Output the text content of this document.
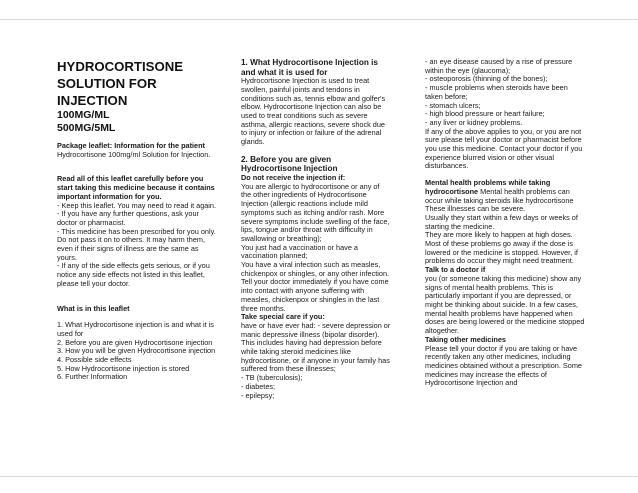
HYDROCORTISONE

SOLUTION FOR

INJECTION

100MG/ML

500MG/5ML

Package leaflet: Information for the patient

Hydrocortisone 100mg/ml Solution for Injection.

Read all of this leaflet carefully before you start taking this medicine because it contains important information for you.

- Keep this leaflet. You may need to read it again.

- If you have any further questions, ask your doctor or pharmacist.

- This medicine has been prescribed for you only. Do not pass it on to others. It may harm them, even if their signs of illness are the same as yours.

- If any of the side effects gets serious, or if you notice any side effects not listed in this leaflet, please tell your doctor.

What is in this leaflet

1. What Hydrocortisone injection is and what it is used for

2. Before you are given Hydrocortisone injection

3. How you will be given Hydrocortisone injection

4. Possible side effects

5. How Hydrocortisone injection is stored

6. Further Information

1. What Hydrocortisone Injection is and what it is used for

Hydrocortisone Injection is used to treat swollen, painful joints and tendons in conditions such as, tennis elbow and golfer's elbow. Hydrocortisone Injection can also be used to treat conditions such as severe asthma, allergic reactions, severe shock due to injury or infection or failure of the adrenal glands.

2. Before you are given Hydrocortisone Injection

Do not receive the injection if:

You are allergic to hydrocortisone or any of the other ingredients of Hydrocortisone Injection (allergic reactions include mild symptoms such as itching and/or rash. More severe symptoms include swelling of the face, lips, tongue and/or throat with difficulty in swallowing or breathing);

You just had a vaccination or have a vaccination planned;

You have a viral infection such as measles, chickenpox or shingles, or any other infection. Tell your doctor immediately if you have come into contact with anyone suffering with measles, chickenpox or shingles in the last three months.

Take special care if you:

have or have ever had: - severe depression or manic depressive illness (bipolar disorder). This includes having had depression before while taking steroid medicines like hydrocortisone, or if anyone in your family has suffered from these illnesses;

- TB (tuberculosis);

- diabetes;

- epilepsy;

- an eye disease caused by a rise of pressure within the eye (glaucoma);

- osteoporosis (thinning of the bones);

- muscle problems when steroids have been taken before;

- stomach ulcers;

- high blood pressure or heart failure;

- any liver or kidney problems.

If any of the above applies to you, or you are not sure please tell your doctor or pharmacist before you use this medicine. Contact your doctor if you experience blurred vision or other visual disturbances.

Mental health problems while taking hydrocortisone Mental health problems can occur while taking steroids like hydrocortisone

These illnesses can be severe.

Usually they start within a few days or weeks of starting the medicine.

They are more likely to happen at high doses.

Most of these problems go away if the dose is lowered or the medicine is stopped. However, if problems do occur they might need treatment.

Talk to a doctor if

you (or someone taking this medicine) show any signs of mental health problems. This is particularly important if you are depressed, or might be thinking about suicide. In a few cases, mental health problems have happened when doses are being lowered or the medicine stopped altogether.

Taking other medicines

Please tell your doctor if you are taking or have recently taken any other medicines, including medicines obtained without a prescription. Some medicines may increase the effects of Hydrocortisone Injection and
